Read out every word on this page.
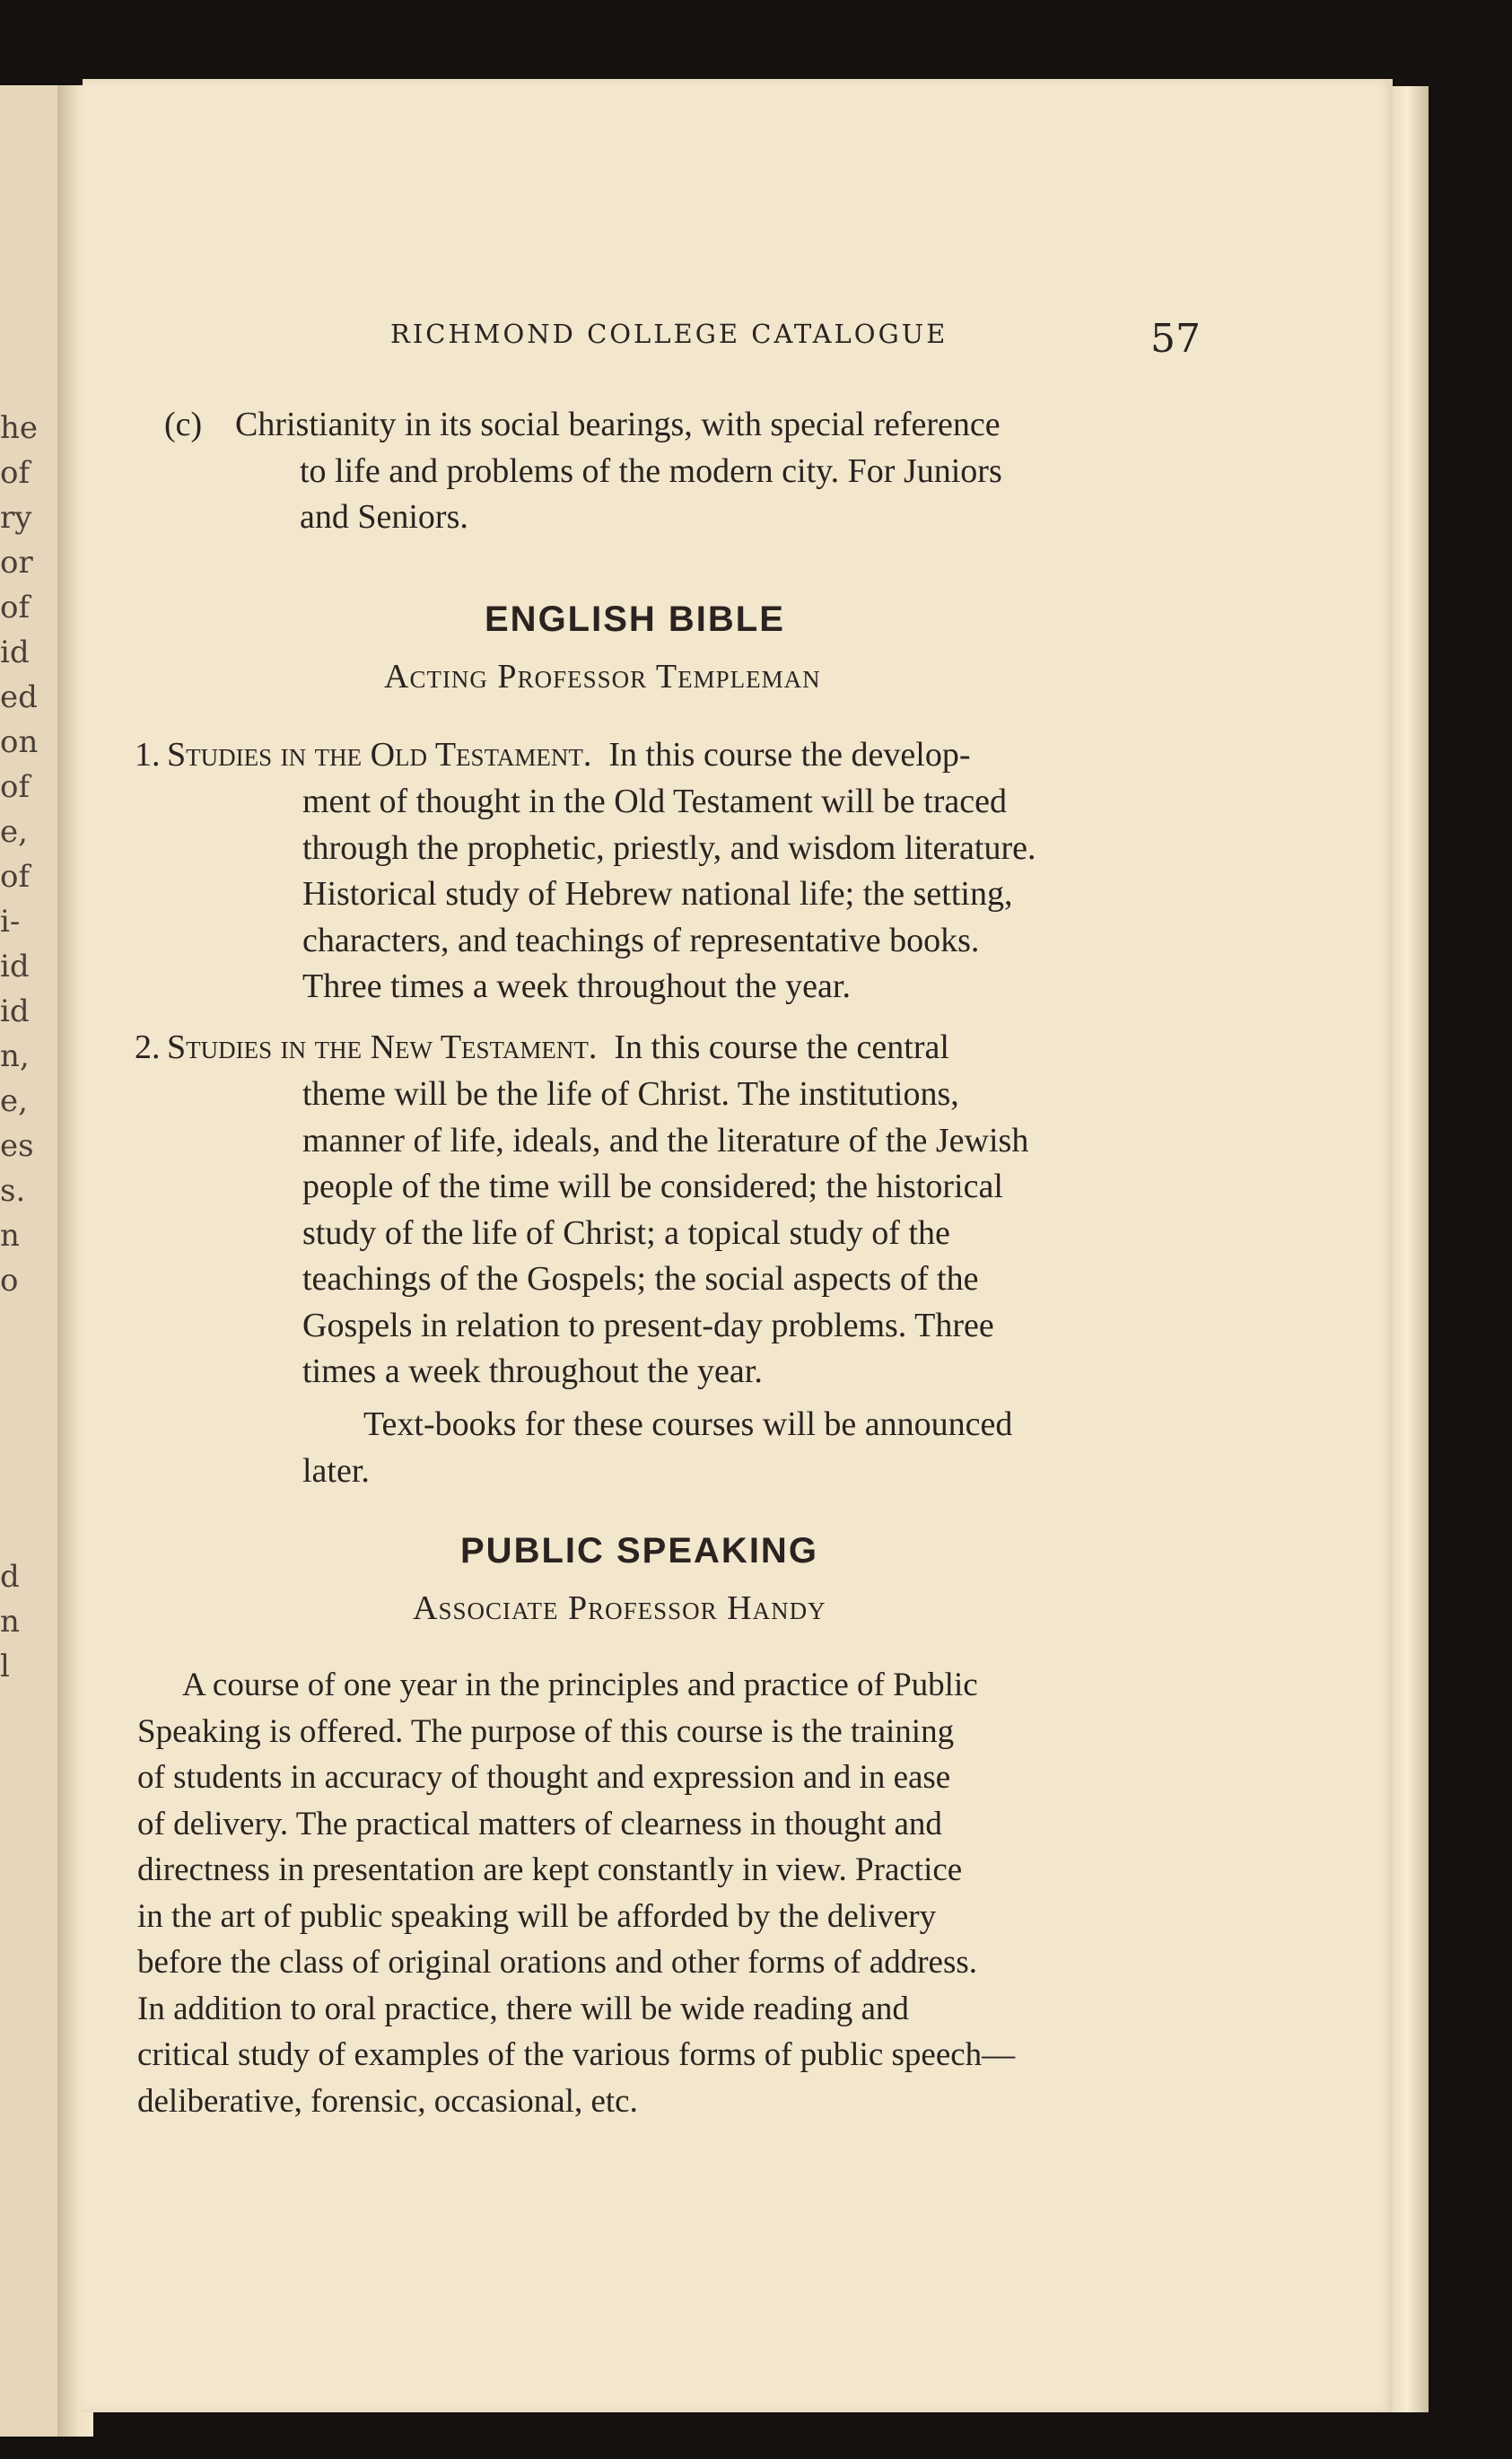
he
of
ry
or
of
id
ed
on
of
e,
of
i-
id
id
n,
e,
es
s.
n
o
d
n
l
RICHMOND COLLEGE CATALOGUE	57
(c) Christianity in its social bearings, with special reference
to life and problems of the modern city. For Juniors
and Seniors.
ENGLISH BIBLE
Acting Professor Templeman
1. Studies in the Old Testament. In this course the develop-
ment of thought in the Old Testament will be traced
through the prophetic, priestly, and wisdom literature.
Historical study of Hebrew national life; the setting,
characters, and teachings of representative books.
Three times a week throughout the year.
2. Studies in the New Testament. In this course the central
theme will be the life of Christ. The institutions,
manner of life, ideals, and the literature of the Jewish
people of the time will be considered; the historical
study of the life of Christ; a topical study of the
teachings of the Gospels; the social aspects of the
Gospels in relation to present-day problems. Three
times a week throughout the year.
Text-books for these courses will be announced
later.
PUBLIC SPEAKING
Associate Professor Handy
A course of one year in the principles and practice of Public
Speaking is offered. The purpose of this course is the training
of students in accuracy of thought and expression and in ease
of delivery. The practical matters of clearness in thought and
directness in presentation are kept constantly in view. Practice
in the art of public speaking will be afforded by the delivery
before the class of original orations and other forms of address.
In addition to oral practice, there will be wide reading and
critical study of examples of the various forms of public speech—
deliberative, forensic, occasional, etc.
